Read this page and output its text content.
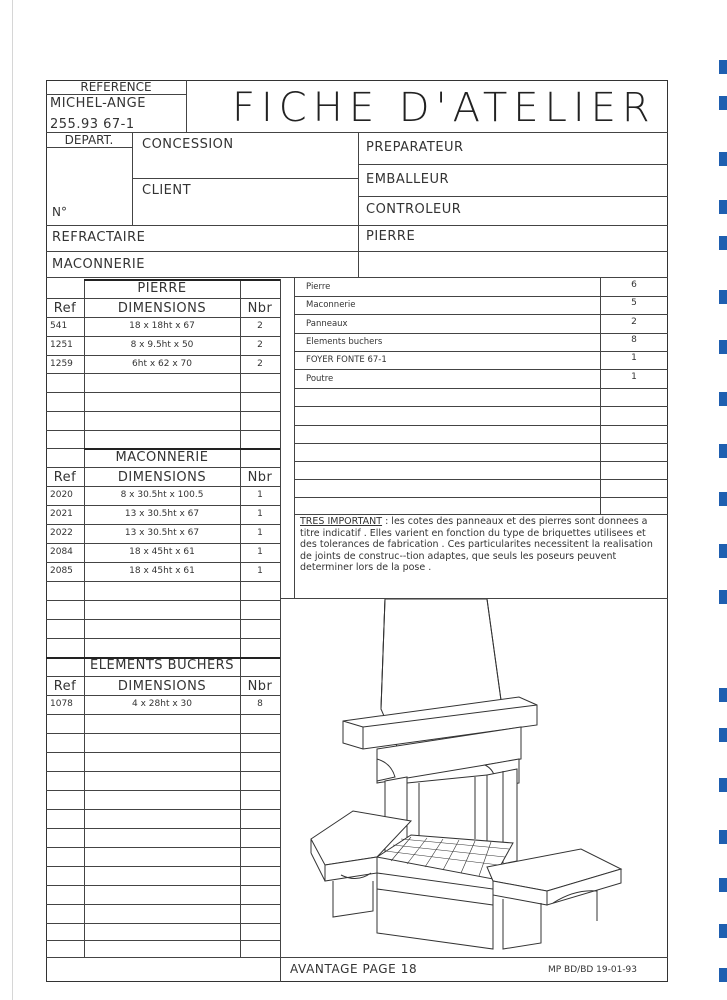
REFERENCE
MICHEL-ANGE
255.93 67-1 FICHE D'ATELIER
DEPART.	CONCESSION
CLIENT
N°
REFRACTAIRE
MACONNERIE
PREPARATEUR
EMBALLEUR
CONTROLEUR
PIERRE
PIERRE
Ref	DIMENSIONS	Nbr
541	18 x 18ht x 67	2
1251	8 x 9.5ht x 50	2
1259	6ht x 62 x 70	2
MACONNERIE
Ref	DIMENSIONS	Nbr
2020	8 x 30.5ht x 100.5	1
2021	13 x 30.5ht x 67	1
2022	13 x 30.5ht x 67	1
2084	18 x 45ht x 61	1
2085	18 x 45ht x 61	1
ELEMENTS BUCHERS
Ref	DIMENSIONS	Nbr
1078	4 x 28ht x 30	8
Pierre	6
Maconnerie	5
Panneaux	2
Elements buchers	8
FOYER FONTE 67-1	1
Poutre	1
TRES IMPORTANT : les cotes des panneaux et des pierres sont donnees a titre indicatif . Elles varient en fonction du type de briquettes utilisees et des tolerances de fabrication . Ces particularites necessitent la realisation de joints de construc--tion adaptes, que seuls les poseurs peuvent determiner lors de la pose .
AVANTAGE PAGE 18	MP BD/BD 19-01-93
